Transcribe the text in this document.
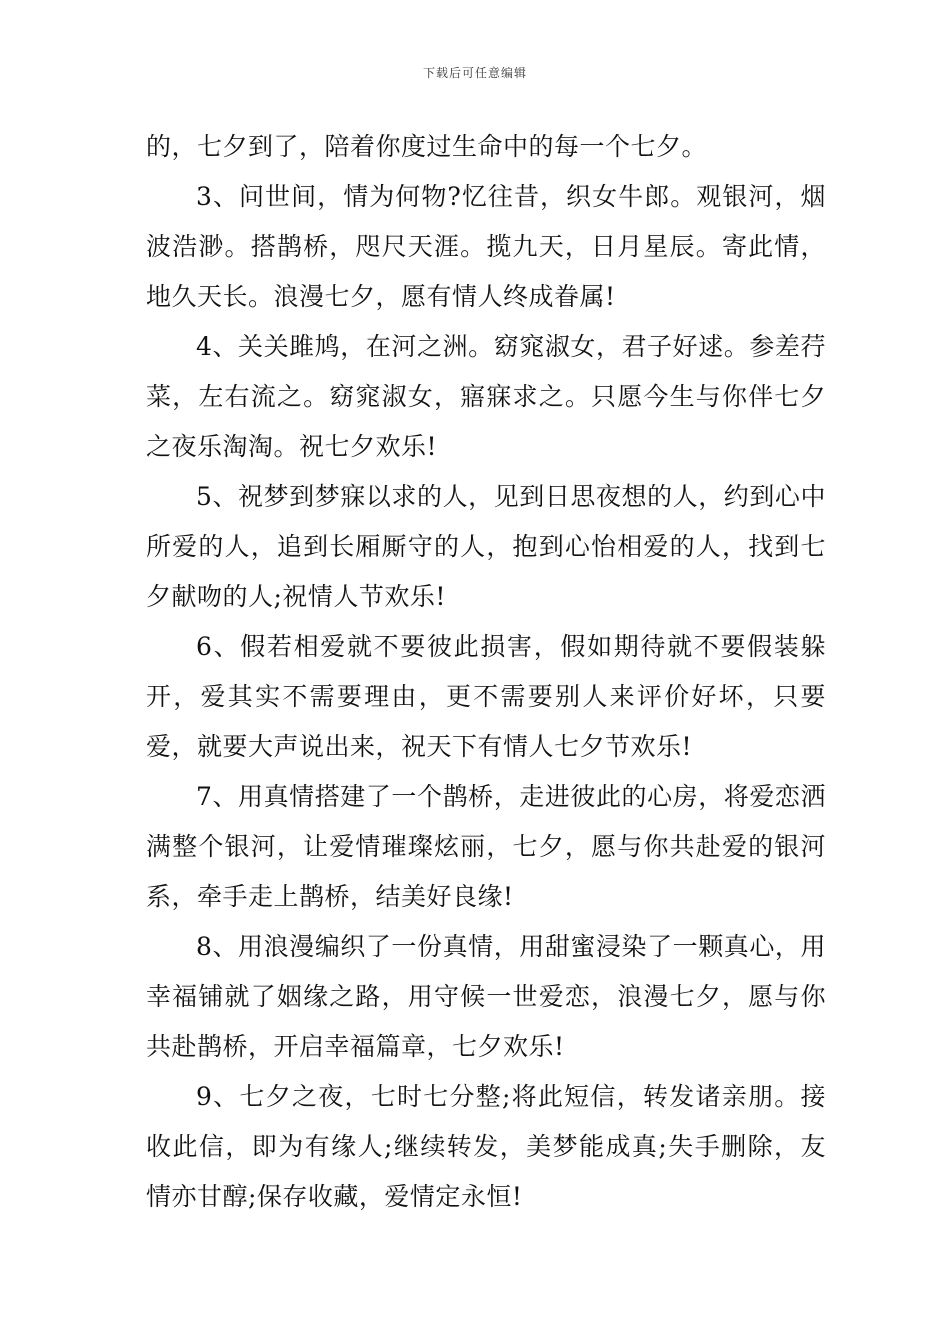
下载后可任意编辑

的，七夕到了，陪着你度过生命中的每一个七夕。

3、问世间，情为何物?忆往昔，织女牛郎。观银河，烟波浩渺。搭鹊桥，咫尺天涯。揽九天，日月星辰。寄此情，地久天长。浪漫七夕，愿有情人终成眷属!

4、关关雎鸠，在河之洲。窈窕淑女，君子好逑。参差荇菜，左右流之。窈窕淑女，寤寐求之。只愿今生与你伴七夕之夜乐淘淘。祝七夕欢乐!

5、祝梦到梦寐以求的人，见到日思夜想的人，约到心中所爱的人，追到长厢厮守的人，抱到心怡相爱的人，找到七夕献吻的人;祝情人节欢乐!

6、假若相爱就不要彼此损害，假如期待就不要假装躲开，爱其实不需要理由，更不需要别人来评价好坏，只要爱，就要大声说出来，祝天下有情人七夕节欢乐!

7、用真情搭建了一个鹊桥，走进彼此的心房，将爱恋洒满整个银河，让爱情璀璨炫丽，七夕，愿与你共赴爱的银河系，牵手走上鹊桥，结美好良缘!

8、用浪漫编织了一份真情，用甜蜜浸染了一颗真心，用幸福铺就了姻缘之路，用守候一世爱恋，浪漫七夕，愿与你共赴鹊桥，开启幸福篇章，七夕欢乐!

9、七夕之夜，七时七分整;将此短信，转发诸亲朋。接收此信，即为有缘人;继续转发，美梦能成真;失手删除，友情亦甘醇;保存收藏，爱情定永恒!
